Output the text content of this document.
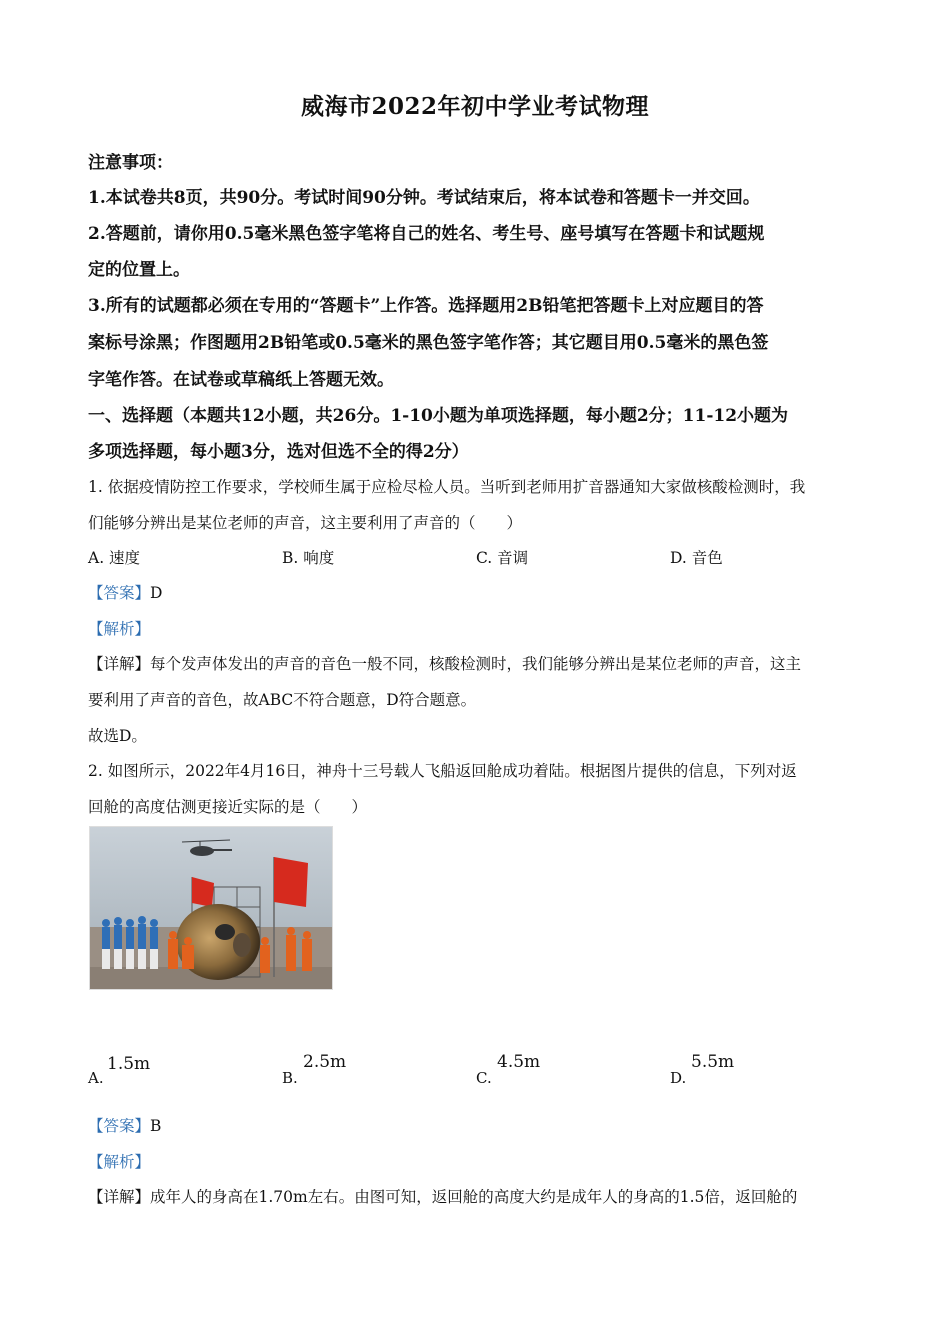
威海市2022年初中学业考试物理
注意事项：
1.本试卷共8页，共90分。考试时间90分钟。考试结束后，将本试卷和答题卡一并交回。
2.答题前，请你用0.5毫米黑色签字笔将自己的姓名、考生号、座号填写在答题卡和试题规
定的位置上。
3.所有的试题都必须在专用的“答题卡”上作答。选择题用2B铅笔把答题卡上对应题目的答
案标号涂黑；作图题用2B铅笔或0.5毫米的黑色签字笔作答；其它题目用0.5毫米的黑色签
字笔作答。在试卷或草稿纸上答题无效。
一、选择题（本题共12小题，共26分。1-10小题为单项选择题，每小题2分；11-12小题为
多项选择题，每小题3分，选对但选不全的得2分）
1. 依据疫情防控工作要求，学校师生属于应检尽检人员。当听到老师用扩音器通知大家做核酸检测时，我
们能够分辨出是某位老师的声音，这主要利用了声音的（　　）
A. 速度	B. 响度	C. 音调	D. 音色
【答案】D
【解析】
【详解】每个发声体发出的声音的音色一般不同，核酸检测时，我们能够分辨出是某位老师的声音，这主
要利用了声音的音色，故ABC不符合题意，D符合题意。
故选D。
2. 如图所示，2022年4月16日，神舟十三号载人飞船返回舱成功着陆。根据图片提供的信息，下列对返
回舱的高度估测更接近实际的是（　　）
A.
1.5m
B.
2.5m
C.
4.5m
D.
5.5m
【答案】B
【解析】
【详解】成年人的身高在1.70m左右。由图可知，返回舱的高度大约是成年人的身高的1.5倍，返回舱的
